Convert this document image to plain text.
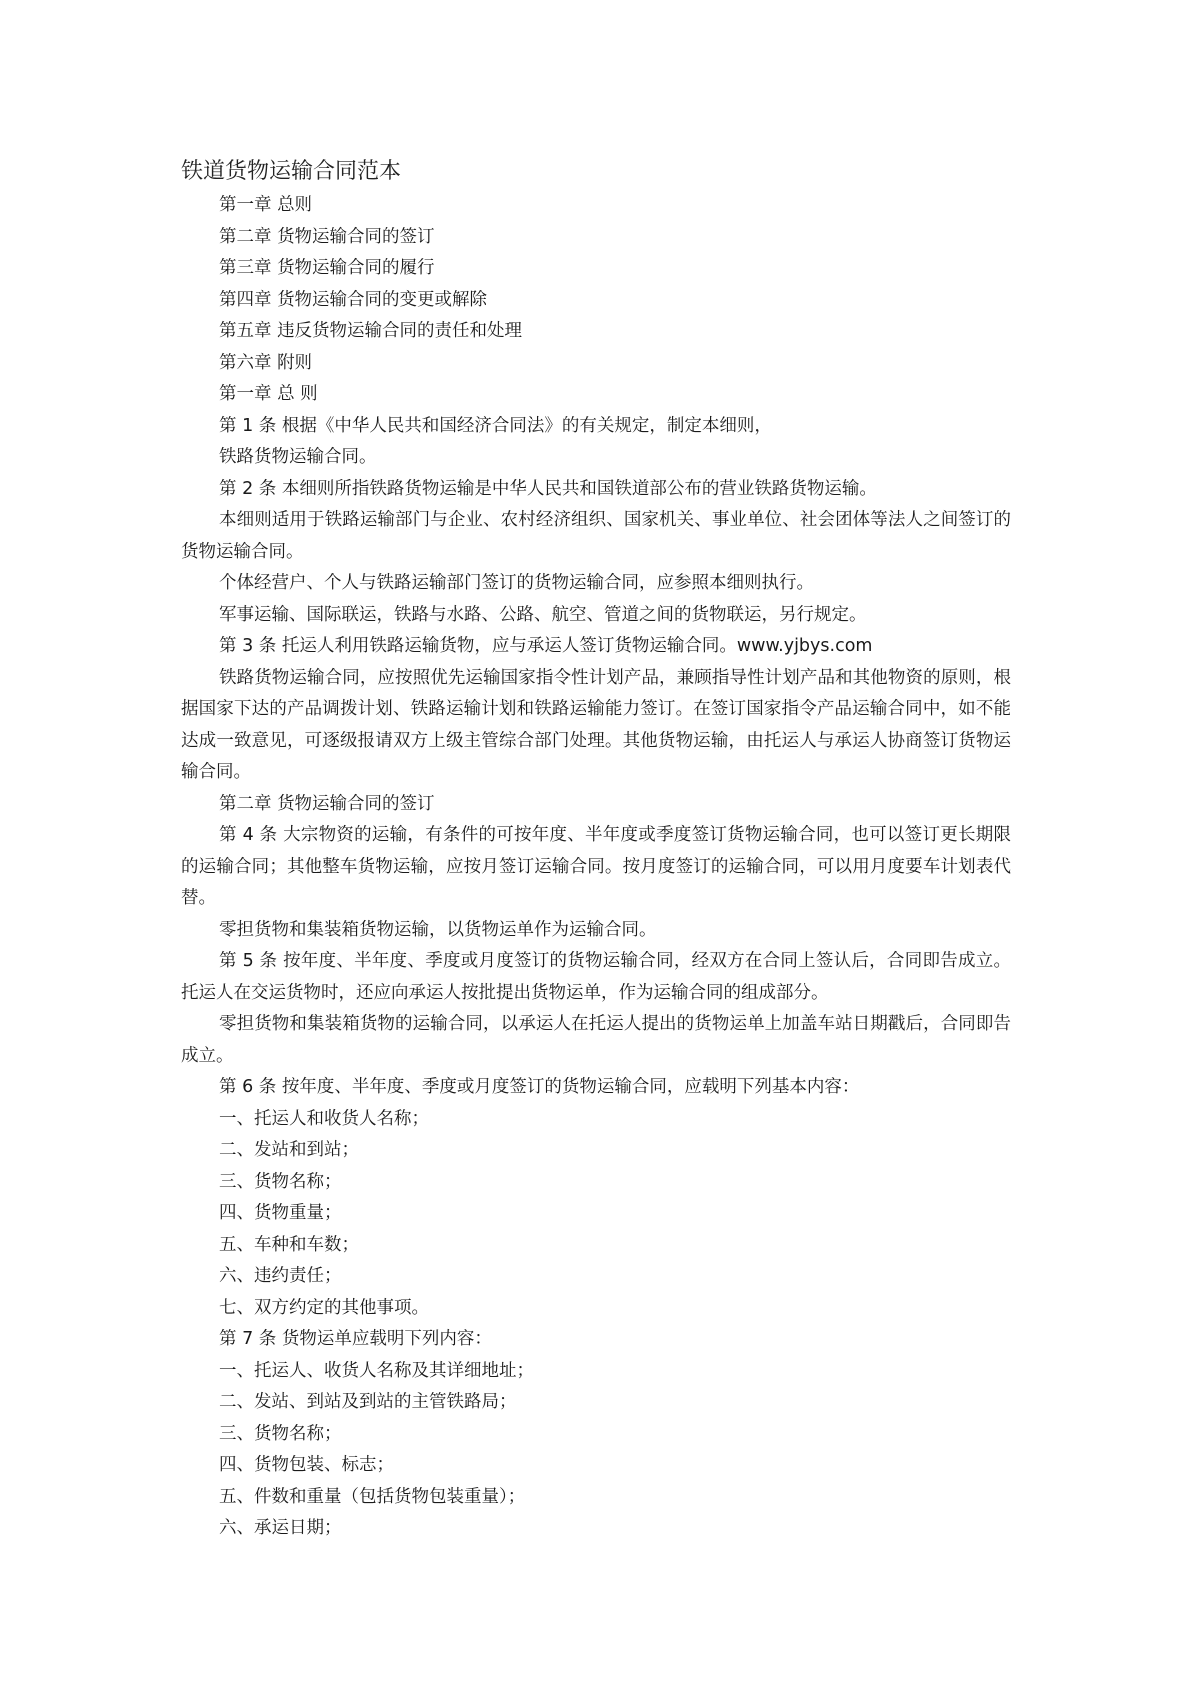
铁道货物运输合同范本

第一章 总则

第二章 货物运输合同的签订

第三章 货物运输合同的履行

第四章 货物运输合同的变更或解除

第五章 违反货物运输合同的责任和处理

第六章 附则

第一章 总 则

第 1 条 根据《中华人民共和国经济合同法》的有关规定，制定本细则，

铁路货物运输合同。

第 2 条 本细则所指铁路货物运输是中华人民共和国铁道部公布的营业铁路货物运输。

本细则适用于铁路运输部门与企业、农村经济组织、国家机关、事业单位、社会团体等法人之间签订的货物运输合同。

个体经营户、个人与铁路运输部门签订的货物运输合同，应参照本细则执行。

军事运输、国际联运，铁路与水路、公路、航空、管道之间的货物联运，另行规定。

第 3 条 托运人利用铁路运输货物，应与承运人签订货物运输合同。www.yjbys.com

铁路货物运输合同，应按照优先运输国家指令性计划产品，兼顾指导性计划产品和其他物资的原则，根据国家下达的产品调拨计划、铁路运输计划和铁路运输能力签订。在签订国家指令产品运输合同中，如不能达成一致意见，可逐级报请双方上级主管综合部门处理。其他货物运输，由托运人与承运人协商签订货物运输合同。

第二章 货物运输合同的签订

第 4 条 大宗物资的运输，有条件的可按年度、半年度或季度签订货物运输合同，也可以签订更长期限的运输合同；其他整车货物运输，应按月签订运输合同。按月度签订的运输合同，可以用月度要车计划表代替。

零担货物和集装箱货物运输，以货物运单作为运输合同。

第 5 条 按年度、半年度、季度或月度签订的货物运输合同，经双方在合同上签认后，合同即告成立。托运人在交运货物时，还应向承运人按批提出货物运单，作为运输合同的组成部分。

零担货物和集装箱货物的运输合同，以承运人在托运人提出的货物运单上加盖车站日期戳后，合同即告成立。

第 6 条 按年度、半年度、季度或月度签订的货物运输合同，应载明下列基本内容：

一、托运人和收货人名称；

二、发站和到站；

三、货物名称；

四、货物重量；

五、车种和车数；

六、违约责任；

七、双方约定的其他事项。

第 7 条 货物运单应载明下列内容：

一、托运人、收货人名称及其详细地址；

二、发站、到站及到站的主管铁路局；

三、货物名称；

四、货物包装、标志；

五、件数和重量（包括货物包装重量）；

六、承运日期；
